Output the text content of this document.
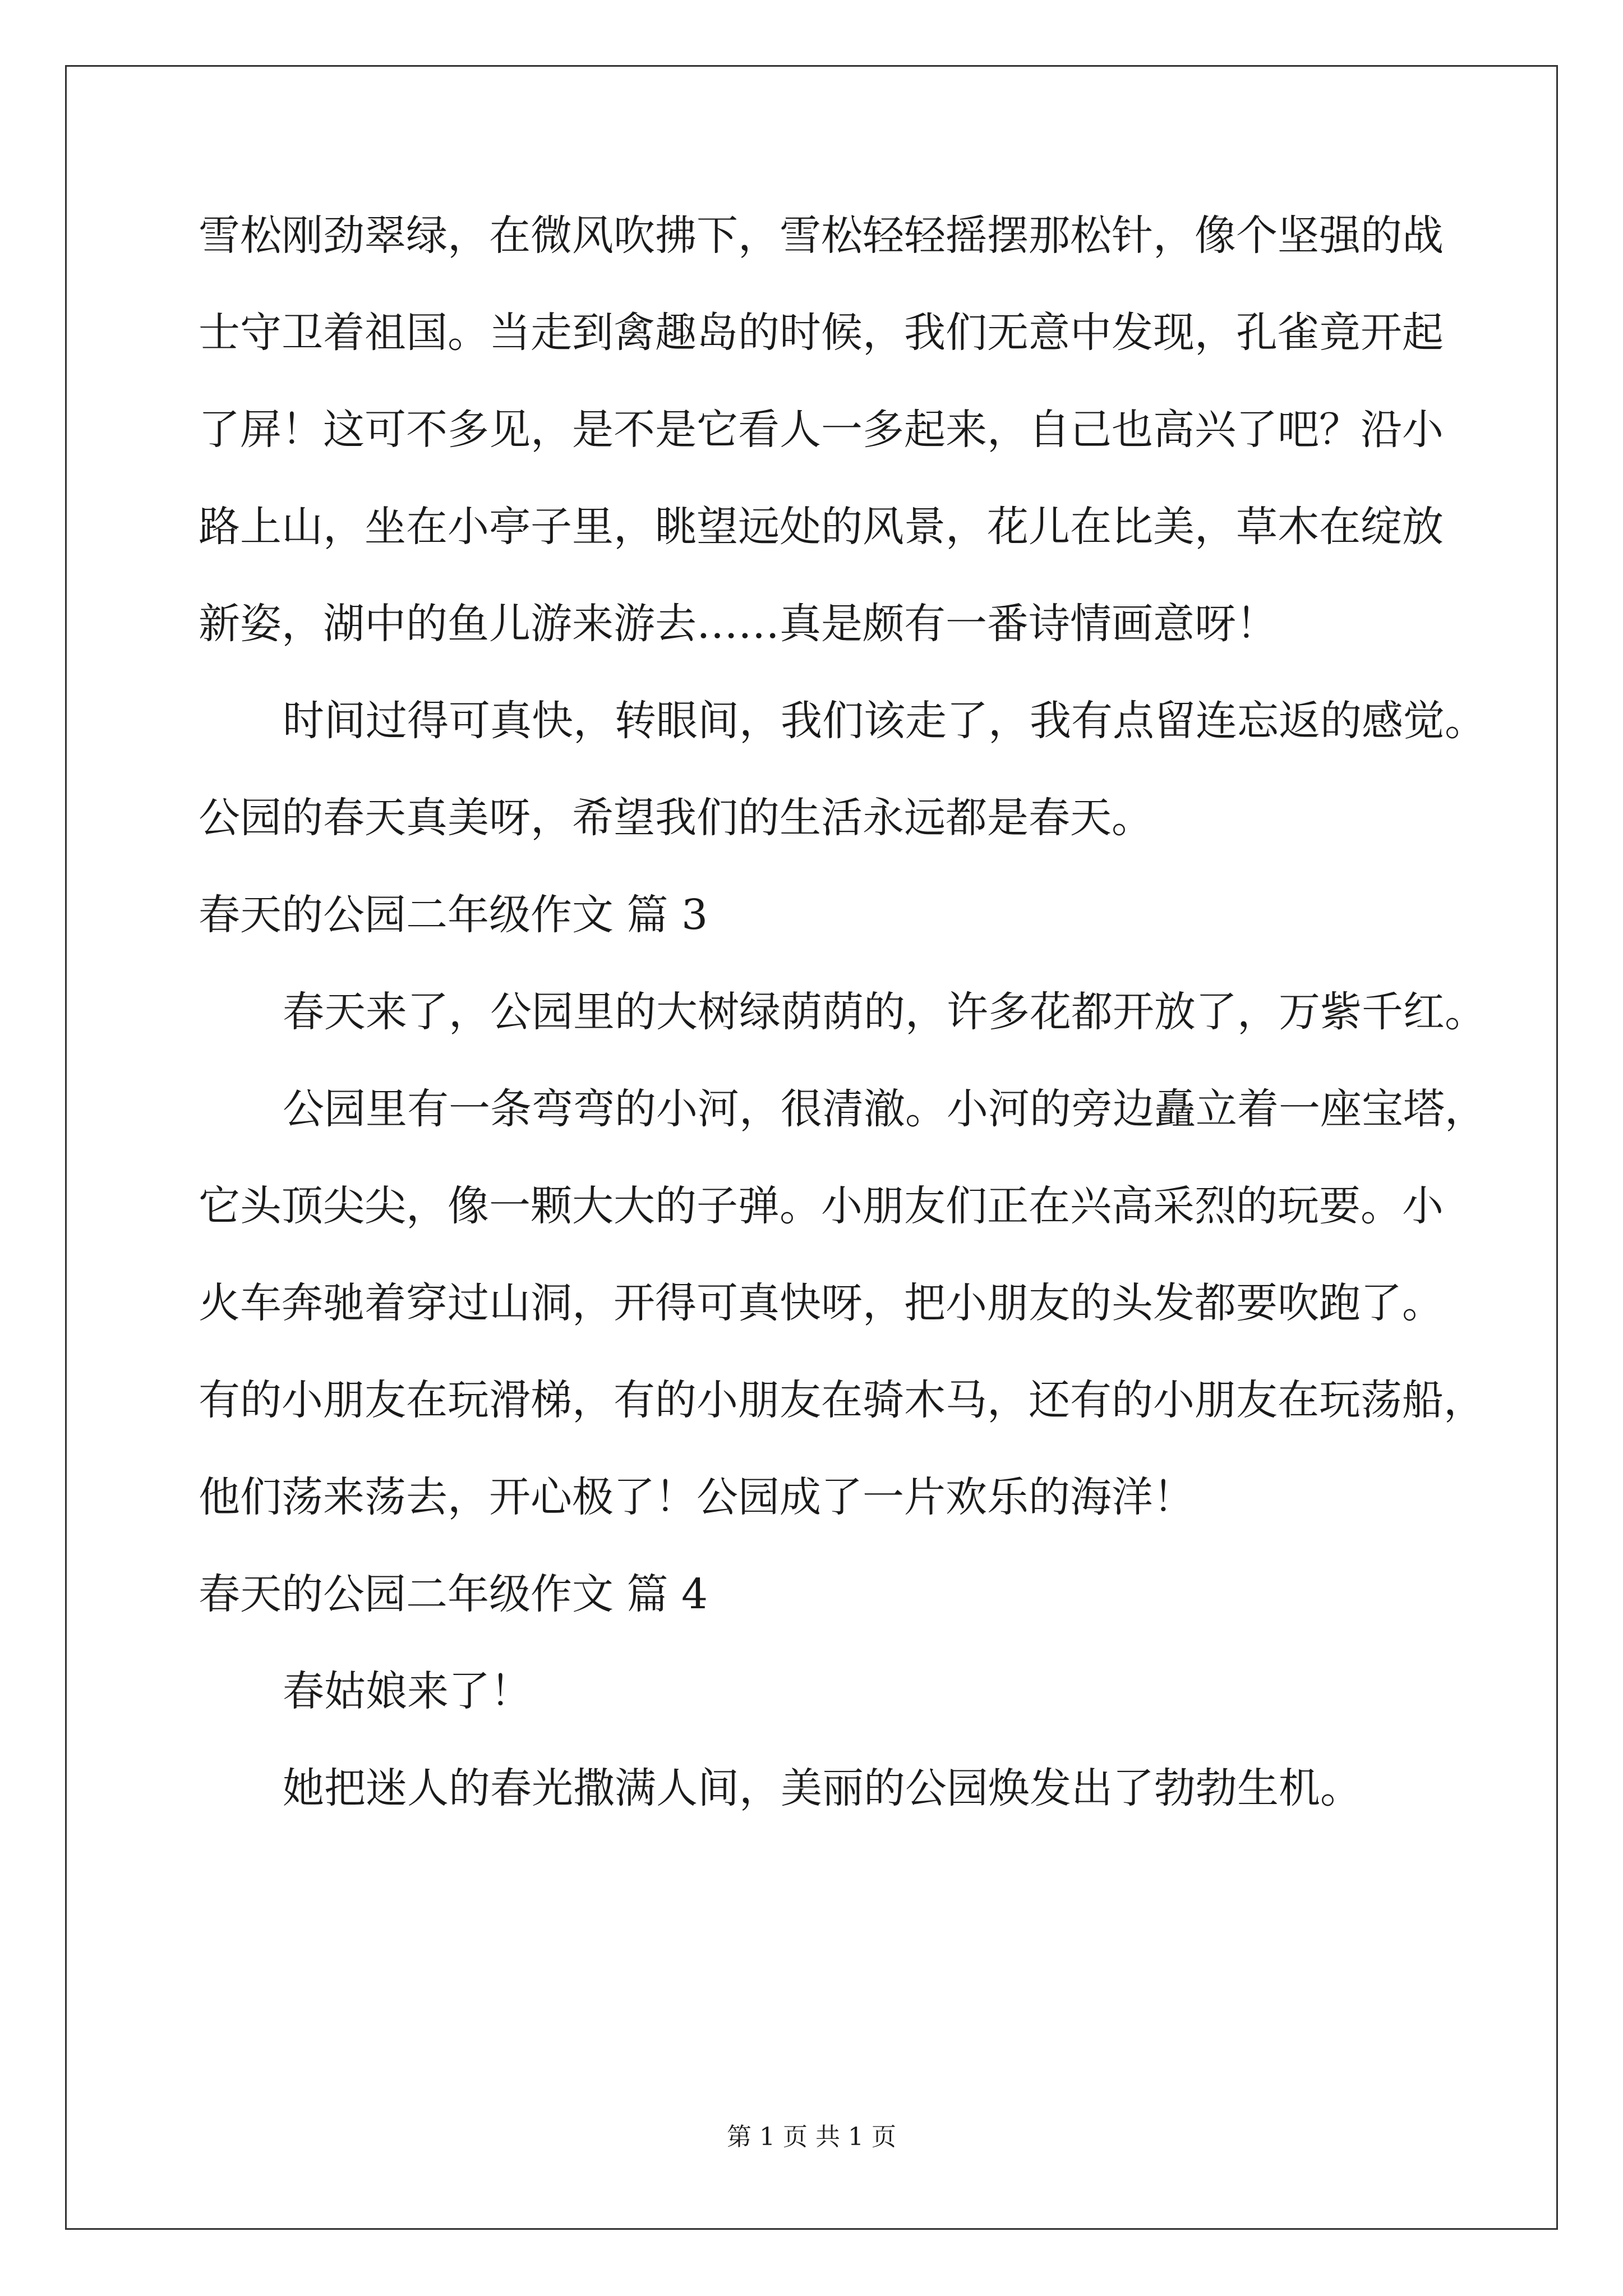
雪松刚劲翠绿，在微风吹拂下，雪松轻轻摇摆那松针，像个坚强的战
士守卫着祖国。当走到禽趣岛的时候，我们无意中发现，孔雀竟开起
了屏！这可不多见，是不是它看人一多起来，自己也高兴了吧？沿小
路上山，坐在小亭子里，眺望远处的风景，花儿在比美，草木在绽放
新姿，湖中的鱼儿游来游去……真是颇有一番诗情画意呀！
时间过得可真快，转眼间，我们该走了，我有点留连忘返的感觉。
公园的春天真美呀，希望我们的生活永远都是春天。
春天的公园二年级作文 篇 3
春天来了，公园里的大树绿荫荫的，许多花都开放了，万紫千红。
公园里有一条弯弯的小河，很清澈。小河的旁边矗立着一座宝塔，
它头顶尖尖，像一颗大大的子弹。小朋友们正在兴高采烈的玩要。小
火车奔驰着穿过山洞，开得可真快呀，把小朋友的头发都要吹跑了。
有的小朋友在玩滑梯，有的小朋友在骑木马，还有的小朋友在玩荡船，
他们荡来荡去，开心极了！公园成了一片欢乐的海洋！
春天的公园二年级作文 篇 4
春姑娘来了！
她把迷人的春光撒满人间，美丽的公园焕发出了勃勃生机。
第 1 页 共 1 页
